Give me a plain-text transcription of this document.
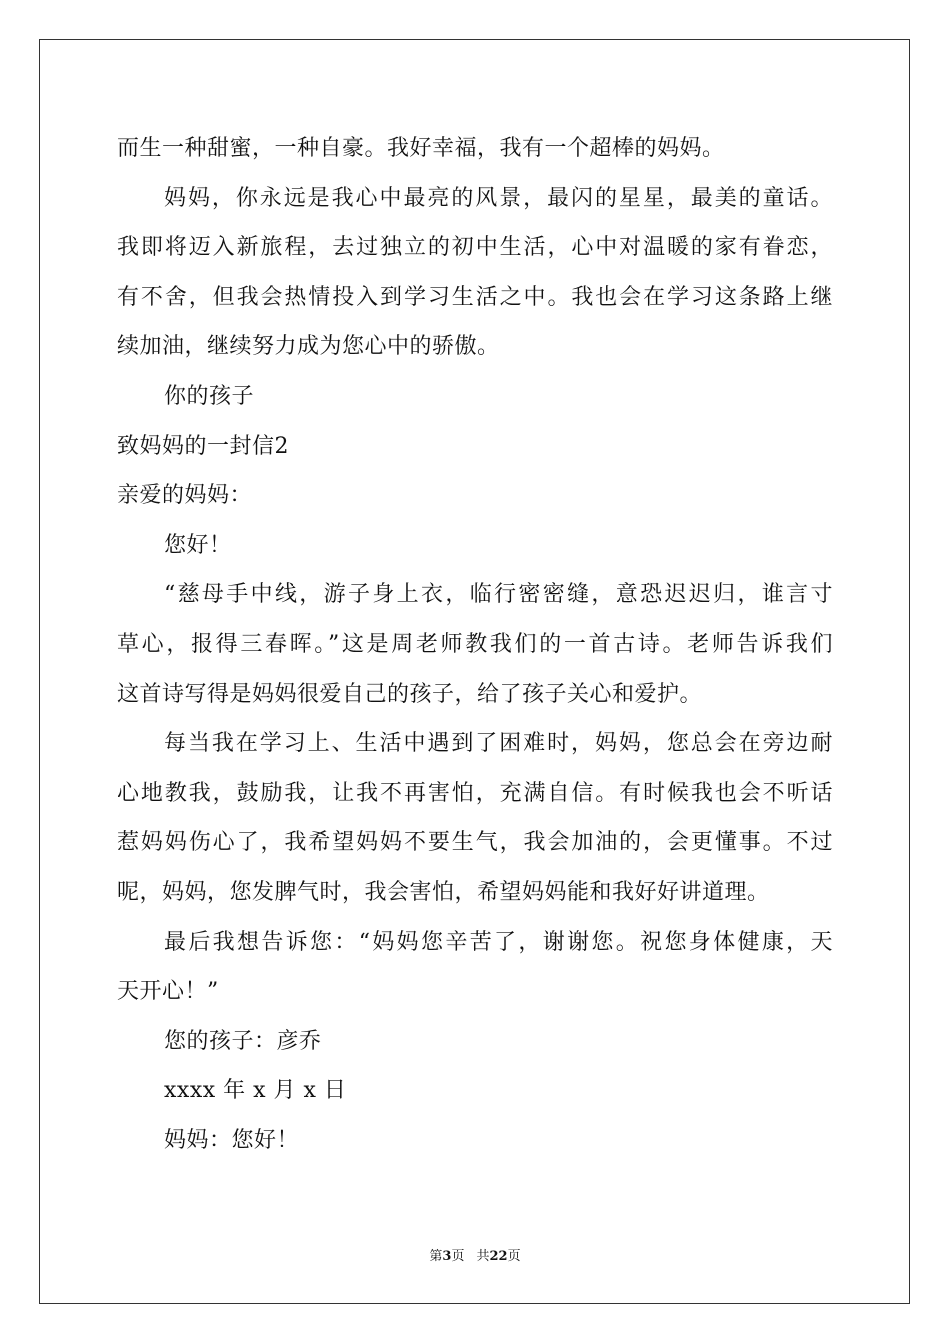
而生一种甜蜜，一种自豪。我好幸福，我有一个超棒的妈妈。
妈妈，你永远是我心中最亮的风景，最闪的星星，最美的童话。
我即将迈入新旅程，去过独立的初中生活，心中对温暖的家有眷恋，
有不舍，但我会热情投入到学习生活之中。我也会在学习这条路上继
续加油，继续努力成为您心中的骄傲。
你的孩子
致妈妈的一封信2
亲爱的妈妈：
您好！
“慈母手中线，游子身上衣，临行密密缝，意恐迟迟归，谁言寸
草心，报得三春晖。”这是周老师教我们的一首古诗。老师告诉我们
这首诗写得是妈妈很爱自己的孩子，给了孩子关心和爱护。
每当我在学习上、生活中遇到了困难时，妈妈，您总会在旁边耐
心地教我，鼓励我，让我不再害怕，充满自信。有时候我也会不听话
惹妈妈伤心了，我希望妈妈不要生气，我会加油的，会更懂事。不过
呢，妈妈，您发脾气时，我会害怕，希望妈妈能和我好好讲道理。
最后我想告诉您：“妈妈您辛苦了，谢谢您。祝您身体健康，天
天开心！”
您的孩子：彦乔
xxxx 年 x 月 x 日
妈妈：您好！
第3页 共22页
